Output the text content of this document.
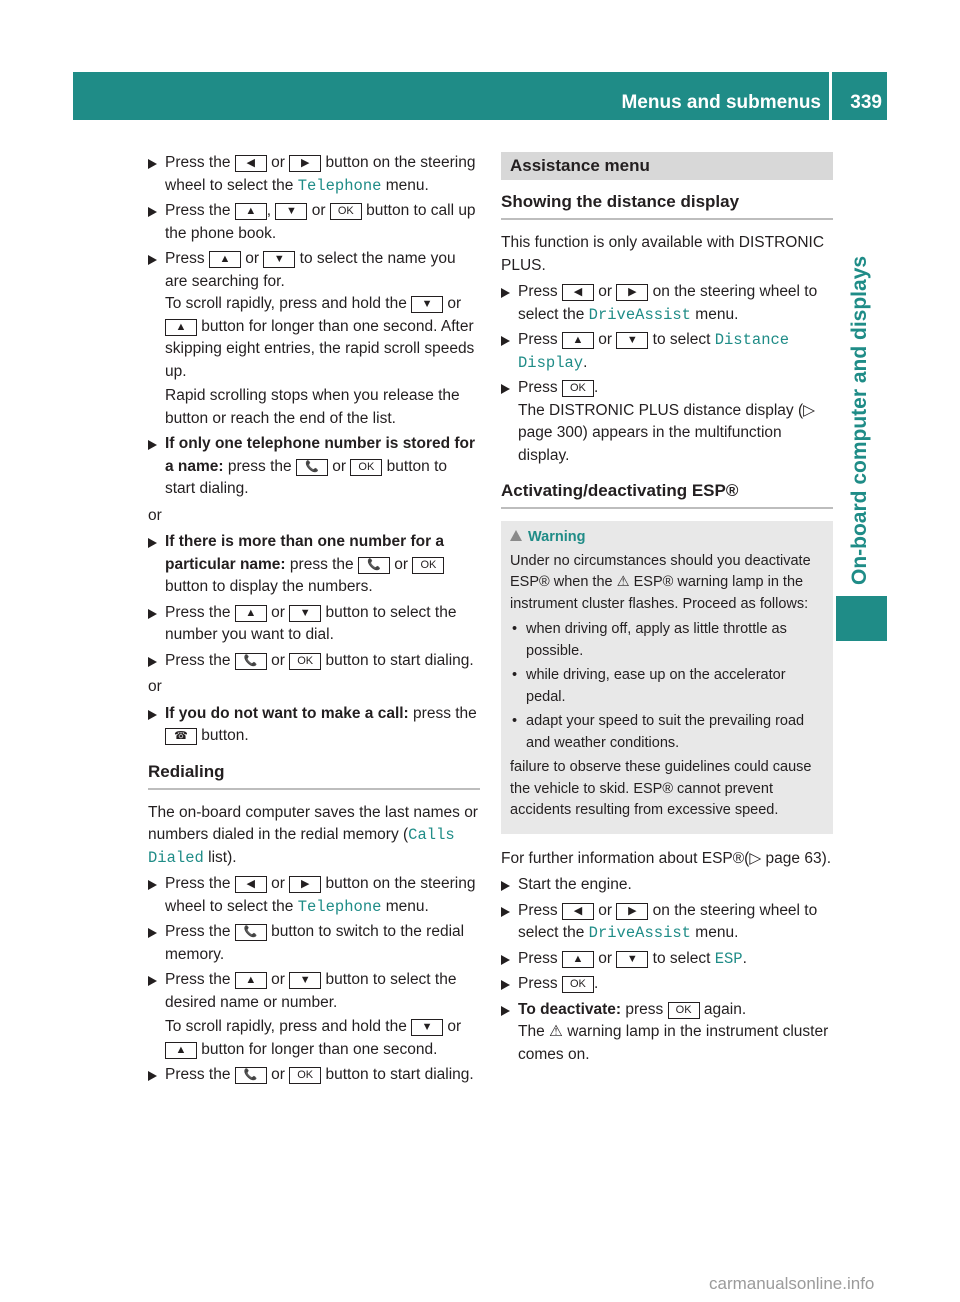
Menus and submenus 339
On-board computer and displays
Press the ◀ or ▶ button on the steering wheel to select the Telephone menu.
Press the ▲ , ▼ or OK button to call up the phone book.

Press ▲ or ▼ to select the name you are searching for.

To scroll rapidly, press and hold the ▼ or ▲ button for longer than one second. After skipping eight entries, the rapid scroll speeds up.

Rapid scrolling stops when you release the button or reach the end of the list.

If only one telephone number is stored for a name: press the 📞 or OK button to start dialing.
or
If there is more than one number for a particular name: press the 📞 or OK button to display the numbers.
Press the ▲ or ▼ button to select the number you want to dial.
Press the 📞 or OK button to start dialing.
or
If you do not want to make a call: press the ☎ button.
Redialing
The on-board computer saves the last names or numbers dialed in the redial memory (Calls Dialed list).
Press the ◀ or ▶ button on the steering wheel to select the Telephone menu.
Press the 📞 button to switch to the redial memory.

Press the ▲ or ▼ button to select the desired name or number.

To scroll rapidly, press and hold the ▼ or ▲ button for longer than one second.

Press the 📞 or OK button to start dialing.
Assistance menu
Showing the distance display
This function is only available with DISTRONIC PLUS.
Press ◀ or ▶ on the steering wheel to select the DriveAssist menu.
Press ▲ or ▼ to select Distance Display.

Press OK .

The DISTRONIC PLUS distance display (▷ page 300) appears in the multifunction display.

Activating/deactivating ESP®
Warning

Under no circumstances should you deactivate ESP® when the ⚠ ESP® warning lamp in the instrument cluster flashes. Proceed as follows:

• when driving off, apply as little throttle as possible.
• while driving, ease up on the accelerator pedal.
• adapt your speed to suit the prevailing road and weather conditions.

failure to observe these guidelines could cause the vehicle to skid. ESP® cannot prevent accidents resulting from excessive speed.

For further information about ESP®(▷ page 63).
Start the engine.
Press ◀ or ▶ on the steering wheel to select the DriveAssist menu.
Press ▲ or ▼ to select ESP.
Press OK .

To deactivate: press OK again.

The ⚠ warning lamp in the instrument cluster comes on.

carmanualsonline.info
